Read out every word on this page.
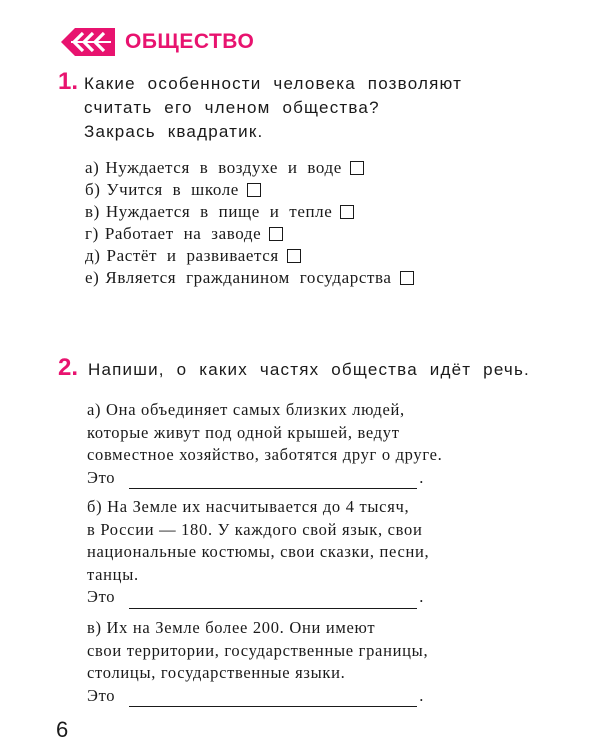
ОБЩЕСТВО
1. Какие особенности человека позволяют
считать его членом общества?
Закрась квадратик.
а) Нуждается в воздухе и воде
б) Учится в школе
в) Нуждается в пище и тепле
г) Работает на заводе
д) Растёт и развивается
е) Является гражданином государства
2. Напиши, о каких частях общества идёт речь.
а) Она объединяет самых близких людей,
которые живут под одной крышей, ведут
совместное хозяйство, заботятся друг о друге.
Это	.
б) На Земле их насчитывается до 4 тысяч,
в России — 180. У каждого свой язык, свои
национальные костюмы, свои сказки, песни,
танцы.
Это	.
в) Их на Земле более 200. Они имеют
свои территории, государственные границы,
столицы, государственные языки.
Это	.
6
